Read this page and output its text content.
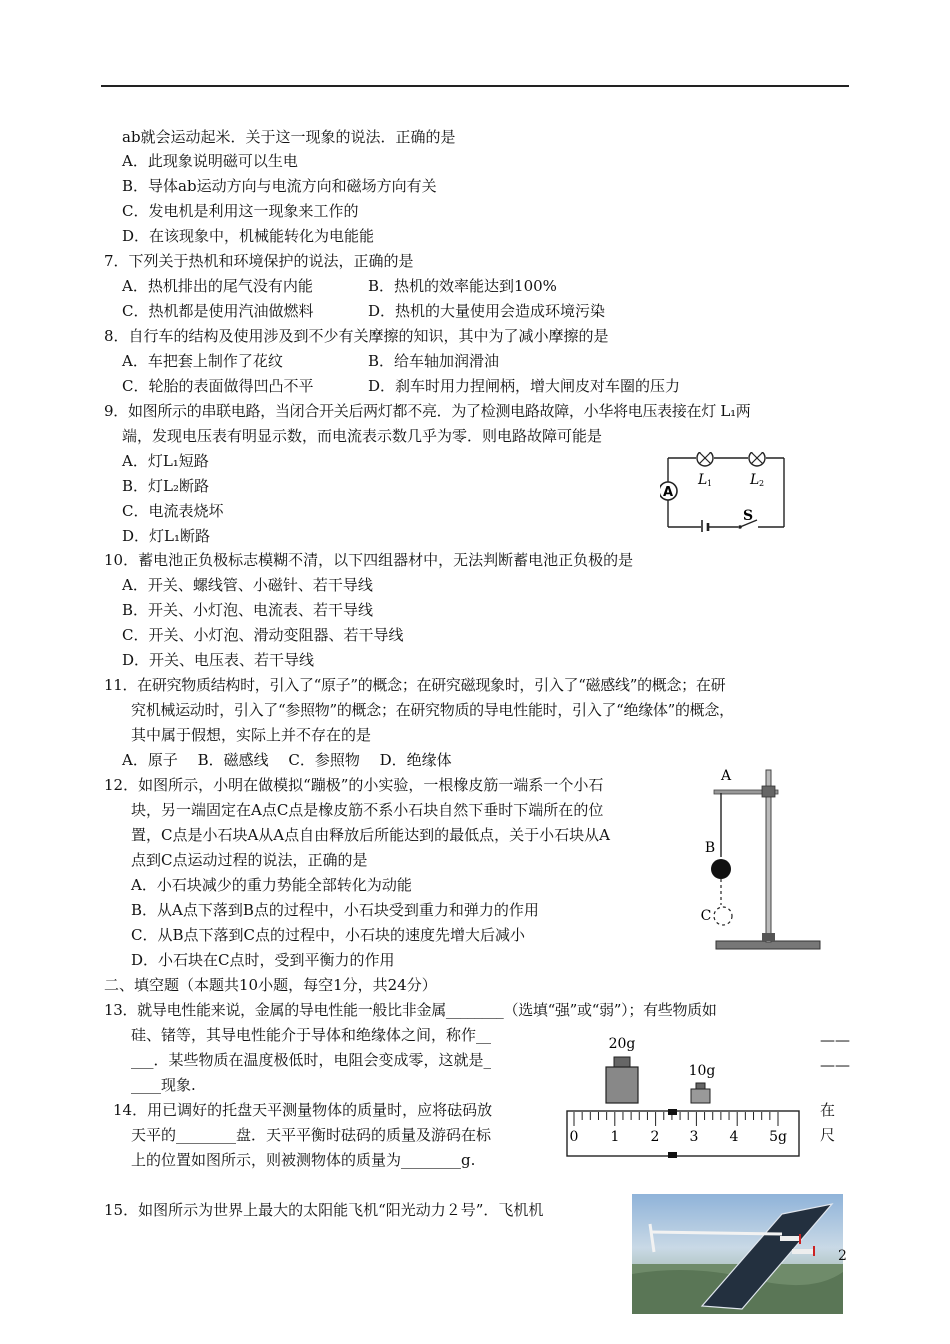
ab就会运动起米．关于这一现象的说法．正确的是
A．此现象说明磁可以生电
B．导体ab运动方向与电流方向和磁场方向有关
C．发电机是利用这一现象来工作的
D．在该现象中，机械能转化为电能能
7．下列关于热机和环境保护的说法，正确的是
A．热机排出的尾气没有内能	B．热机的效率能达到100%
C．热机都是使用汽油做燃料	D．热机的大量使用会造成环境污染
8．自行车的结构及使用涉及到不少有关摩擦的知识，其中为了减小摩擦的是
A．车把套上制作了花纹	B．给车轴加润滑油
C．轮胎的表面做得凹凸不平	D．刹车时用力捏闸柄，增大闸皮对车圈的压力
9．如图所示的串联电路，当闭合开关后两灯都不亮．为了检测电路故障，小华将电压表接在灯 L₁两
端，发现电压表有明显示数，而电流表示数几乎为零．则电路故障可能是
A．灯L₁短路
B．灯L₂断路
C．电流表烧坏
D．灯L₁断路
10．蓄电池正负极标志模糊不清，以下四组器材中，无法判断蓄电池正负极的是
A．开关、螺线管、小磁针、若干导线
B．开关、小灯泡、电流表、若干导线
C．开关、小灯泡、滑动变阻器、若干导线
D．开关、电压表、若干导线
11．在研究物质结构时，引入了“原子”的概念；在研究磁现象时，引入了“磁感线”的概念；在研
究机械运动时，引入了“参照物”的概念；在研究物质的导电性能时，引入了“绝缘体”的概念，
其中属于假想，实际上并不存在的是
A．原子　 B．磁感线　 C．参照物　 D．绝缘体
12．如图所示，小明在做模拟“蹦极”的小实验，一根橡皮筋一端系一个小石
块，另一端固定在A点C点是橡皮筋不系小石块自然下垂时下端所在的位
置，C点是小石块A从A点自由释放后所能达到的最低点，关于小石块从A
点到C点运动过程的说法，正确的是
A．小石块减少的重力势能全部转化为动能
B．从A点下落到B点的过程中，小石块受到重力和弹力的作用
C．从B点下落到C点的过程中，小石块的速度先增大后减小
D．小石块在C点时，受到平衡力的作用
二、填空题（本题共10小题，每空1分，共24分）
13．就导电性能来说，金属的导电性能一般比非金属________（选填“强”或“弱”）；有些物质如
硅、锗等，其导电性能介于导体和绝缘体之间，称作__
___．某些物质在温度极低时，电阻会变成零，这就是_
____现象.
14．用已调好的托盘天平测量物体的质量时，应将砝码放
天平的________盘．天平平衡时砝码的质量及游码在标
上的位置如图所示，则被测物体的质量为________g.
15．如图所示为世界上最大的太阳能飞机“阳光动力２号”．飞机机
——
——
在
尺
A
S
L 1	L 2
A
B
C
20g
10g
0 1 2 3 4 5g
2
